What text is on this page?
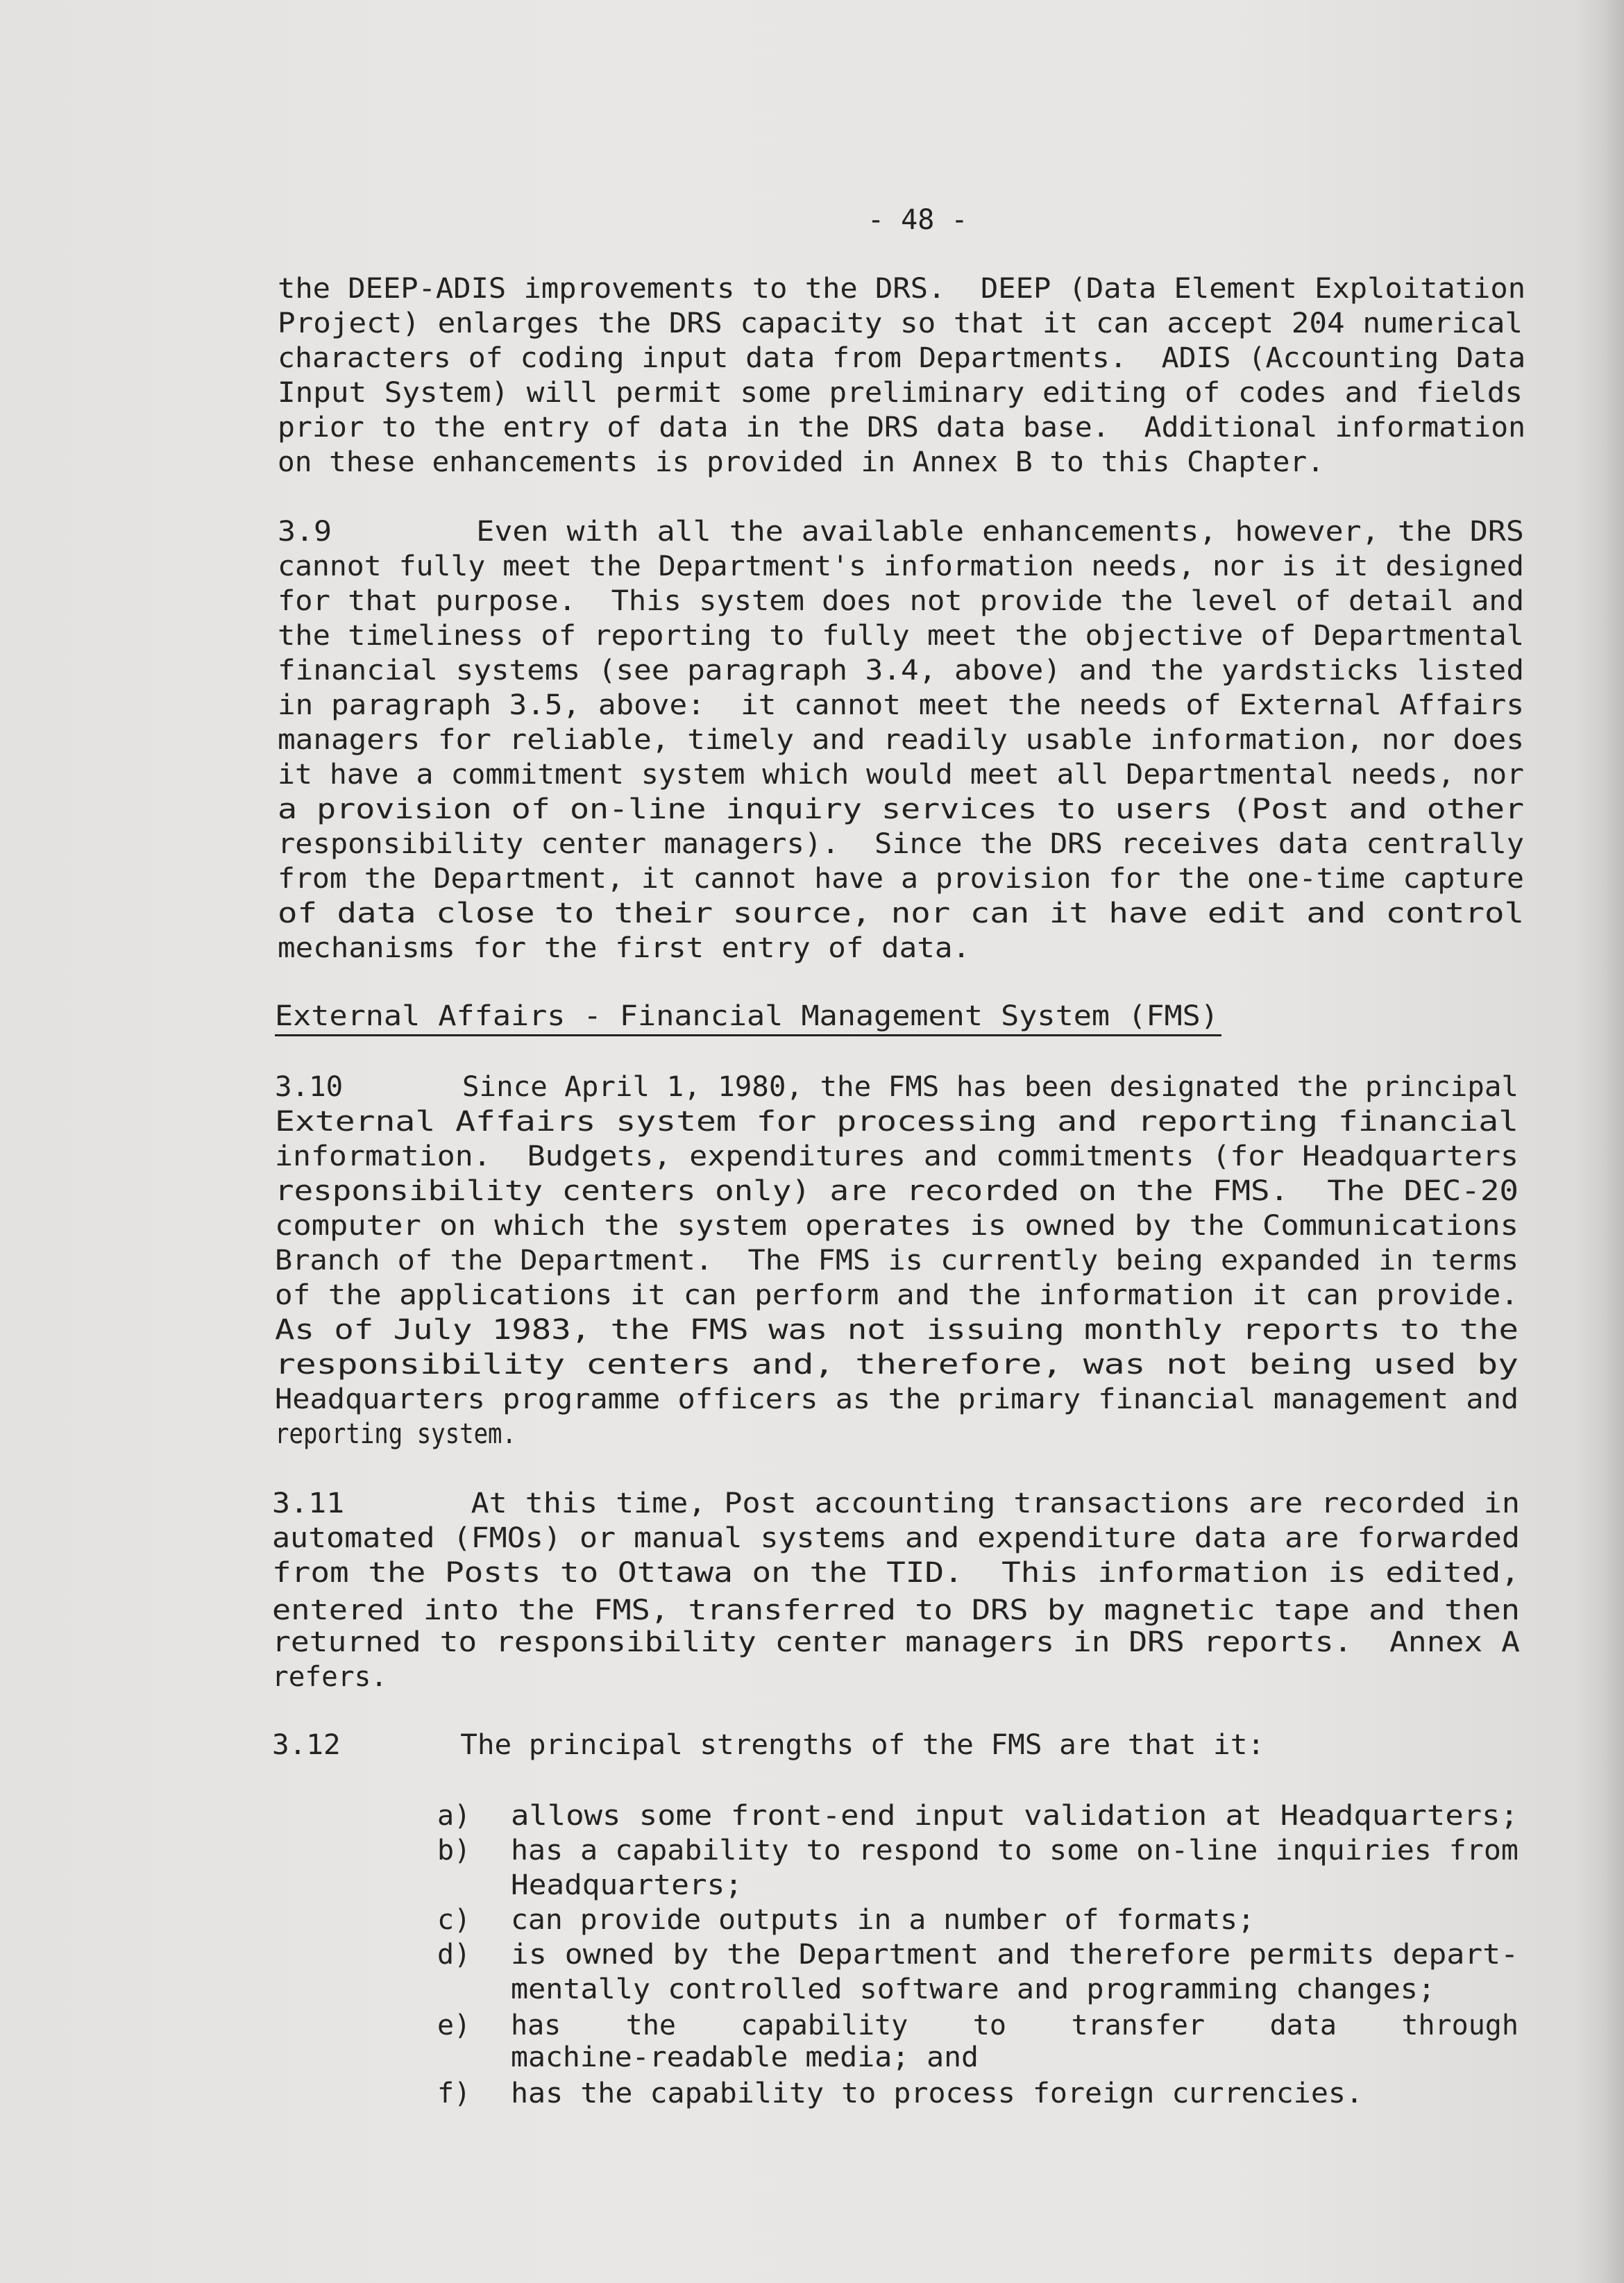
- 48 -
the DEEP-ADIS improvements to the DRS.  DEEP (Data Element Exploitation
Project) enlarges the DRS capacity so that it can accept 204 numerical
characters of coding input data from Departments.  ADIS (Accounting Data
Input System) will permit some preliminary editing of codes and fields
prior to the entry of data in the DRS data base.  Additional information
on these enhancements is provided in Annex B to this Chapter.
3.9        Even with all the available enhancements, however, the DRS
cannot fully meet the Department's information needs, nor is it designed
for that purpose.  This system does not provide the level of detail and
the timeliness of reporting to fully meet the objective of Departmental
financial systems (see paragraph 3.4, above) and the yardsticks listed
in paragraph 3.5, above:  it cannot meet the needs of External Affairs
managers for reliable, timely and readily usable information, nor does
it have a commitment system which would meet all Departmental needs, nor
a provision of on-line inquiry services to users (Post and other
responsibility center managers).  Since the DRS receives data centrally
from the Department, it cannot have a provision for the one-time capture
of data close to their source, nor can it have edit and control
mechanisms for the first entry of data.
External Affairs - Financial Management System (FMS)
3.10       Since April 1, 1980, the FMS has been designated the principal
External Affairs system for processing and reporting financial
information.  Budgets, expenditures and commitments (for Headquarters
responsibility centers only) are recorded on the FMS.  The DEC-20
computer on which the system operates is owned by the Communications
Branch of the Department.  The FMS is currently being expanded in terms
of the applications it can perform and the information it can provide.
As of July 1983, the FMS was not issuing monthly reports to the
responsibility centers and, therefore, was not being used by
Headquarters programme officers as the primary financial management and
reporting system.
3.11       At this time, Post accounting transactions are recorded in
automated (FMOs) or manual systems and expenditure data are forwarded
from the Posts to Ottawa on the TID.  This information is edited,
entered into the FMS, transferred to DRS by magnetic tape and then
returned to responsibility center managers in DRS reports.  Annex A
refers.
3.12       The principal strengths of the FMS are that it:
a) allows some front-end input validation at Headquarters;
b) has a capability to respond to some on-line inquiries from
Headquarters;
c) can provide outputs in a number of formats;
d) is owned by the Department and therefore permits depart-
mentally controlled software and programming changes;
e) has the capability to transfer data through
machine-readable media; and
f) has the capability to process foreign currencies.
